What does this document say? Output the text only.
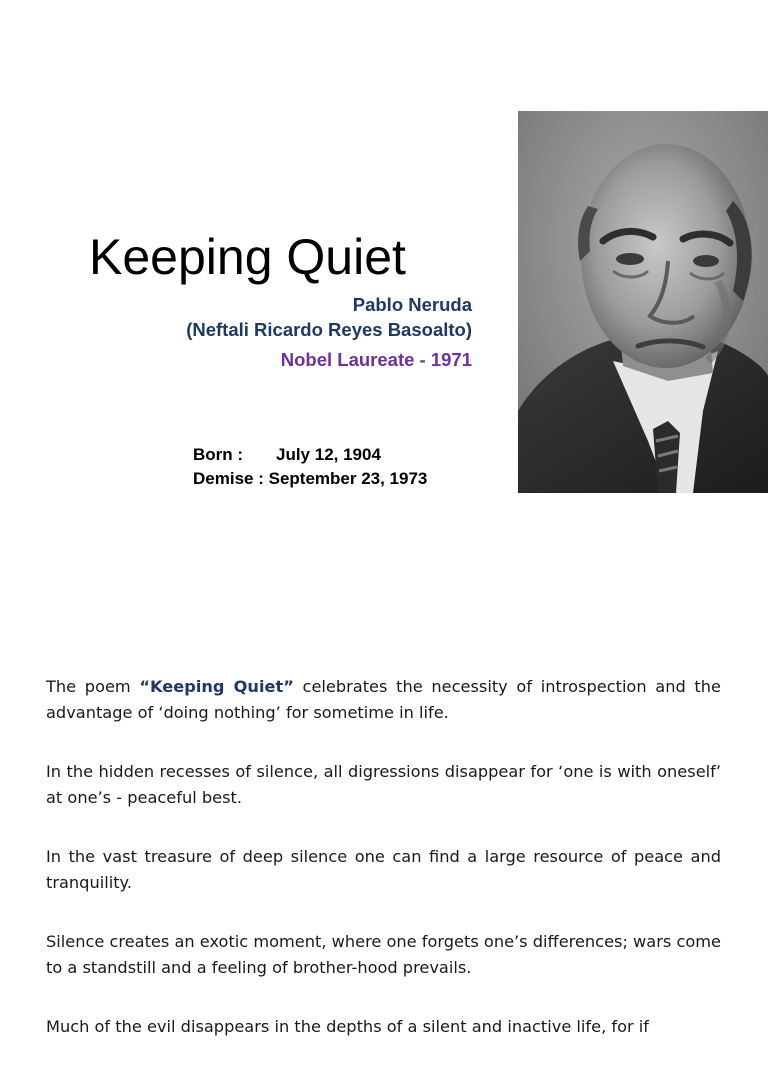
Keeping Quiet
Pablo Neruda
(Neftali Ricardo Reyes Basoalto)
Nobel Laureate - 1971
Born : July 12, 1904
Demise : September 23, 1973

The poem “Keeping Quiet” celebrates the necessity of introspection and the advantage of ‘doing nothing’ for sometime in life.

In the hidden recesses of silence, all digressions disappear for ‘one is with oneself’ at one’s - peaceful best.

In the vast treasure of deep silence one can find a large resource of peace and tranquility.

Silence creates an exotic moment, where one forgets one’s differences; wars come to a standstill and a feeling of brother-hood prevails.

Much of the evil disappears in the depths of a silent and inactive life, for if
